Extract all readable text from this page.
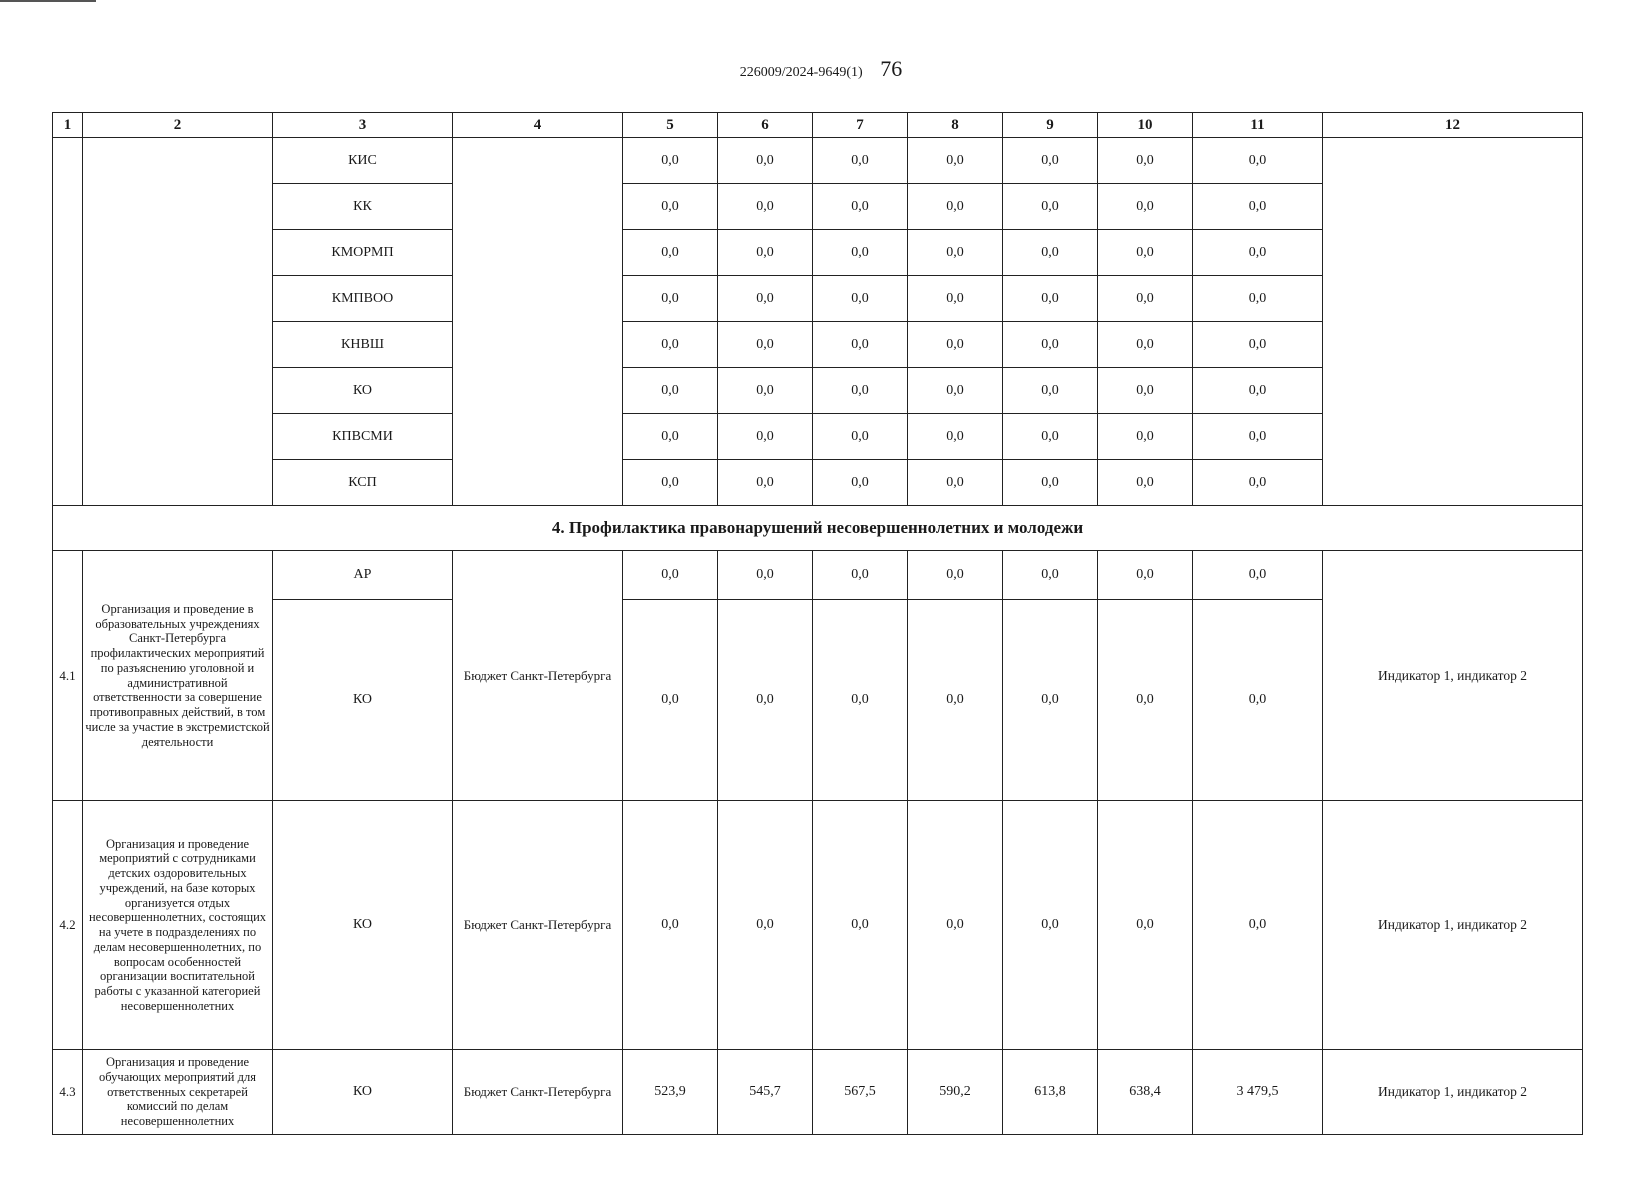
226009/2024-9649(1) 76
1	2	3	4	5	6	7	8	9	10	11	12
		КИС		0,0	0,0	0,0	0,0	0,0	0,0	0,0	
		КК		0,0	0,0	0,0	0,0	0,0	0,0	0,0	
		КМОРМП		0,0	0,0	0,0	0,0	0,0	0,0	0,0	
		КМПВОО		0,0	0,0	0,0	0,0	0,0	0,0	0,0	
		КНВШ		0,0	0,0	0,0	0,0	0,0	0,0	0,0	
		КО		0,0	0,0	0,0	0,0	0,0	0,0	0,0	
		КПВСМИ		0,0	0,0	0,0	0,0	0,0	0,0	0,0	
		КСП		0,0	0,0	0,0	0,0	0,0	0,0	0,0	
4. Профилактика правонарушений несовершеннолетних и молодежи											
4.1	Организация и проведение в образовательных учреждениях Санкт-Петербурга профилактических мероприятий по разъяснению уголовной и административной ответственности за совершение противоправных действий, в том числе за участие в экстремистской деятельности	АР	Бюджет Санкт-Петербурга	0,0	0,0	0,0	0,0	0,0	0,0	0,0	Индикатор 1, индикатор 2
		КО		0,0	0,0	0,0	0,0	0,0	0,0	0,0	
4.2	Организация и проведение мероприятий с сотрудниками детских оздоровительных учреждений, на базе которых организуется отдых несовершеннолетних, состоящих на учете в подразделениях по делам несовершеннолетних, по вопросам особенностей организации воспитательной работы с указанной категорией несовершеннолетних	КО	Бюджет Санкт-Петербурга	0,0	0,0	0,0	0,0	0,0	0,0	0,0	Индикатор 1, индикатор 2
4.3	Организация и проведение обучающих мероприятий для ответственных секретарей комиссий по делам несовершеннолетних	КО	Бюджет Санкт-Петербурга	523,9	545,7	567,5	590,2	613,8	638,4	3 479,5	Индикатор 1, индикатор 2
